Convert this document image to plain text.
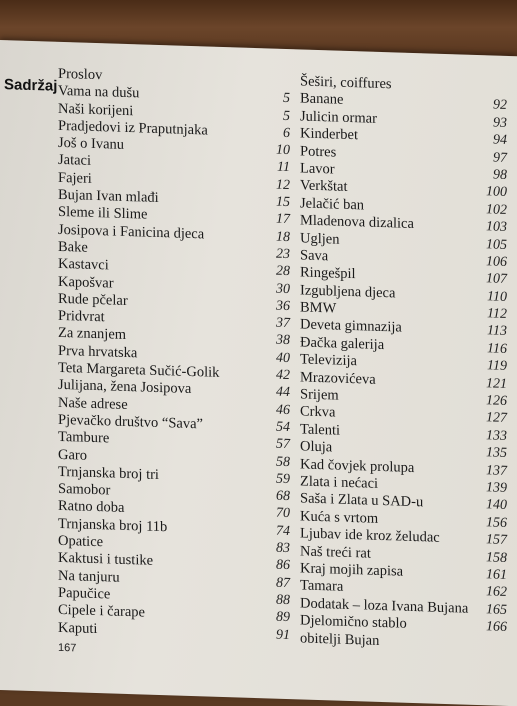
Sadržaj
Proslov
Vama na dušu	5
Naši korijeni	5
Pradjedovi iz Praputnjaka	6
Još o Ivanu	10
Jataci	11
Fajeri	12
Bujan Ivan mlađi	15
Sleme ili Slime	17
Josipova i Fanicina djeca	18
Bake	23
Kastavci	28
Kapošvar	30
Rude pčelar	36
Pridvrat	37
Za znanjem	38
Prva hrvatska	40
Teta Margareta Sučić-Golik	42
Julijana, žena Josipova	44
Naše adrese	46
Pjevačko društvo “Sava”	54
Tambure	57
Garo	58
Trnjanska broj tri	59
Samobor	68
Ratno doba	70
Trnjanska broj 11b	74
Opatice	83
Kaktusi i tustike	86
Na tanjuru	87
Papučice	88
Cipele i čarape	89
Kaputi	91
Šeširi, coiffures
Banane	92
Julicin ormar	93
Kinderbet	94
Potres	97
Lavor	98
Verkštat	100
Jelačić ban	102
Mladenova dizalica	103
Ugljen	105
Sava	106
Ringešpil	107
Izgubljena djeca	110
BMW	112
Deveta gimnazija	113
Đačka galerija	116
Televizija	119
Mrazovićeva	121
Srijem	126
Crkva	127
Talenti	133
Oluja	135
Kad čovjek prolupa	137
Zlata i nećaci	139
Saša i Zlata u SAD-u	140
Kuća s vrtom	156
Ljubav ide kroz želudac	157
Naš treći rat	158
Kraj mojih zapisa	161
Tamara	162
Dodatak – loza Ivana Bujana 165
Djelomično stablo	166
obitelji Bujan
167
